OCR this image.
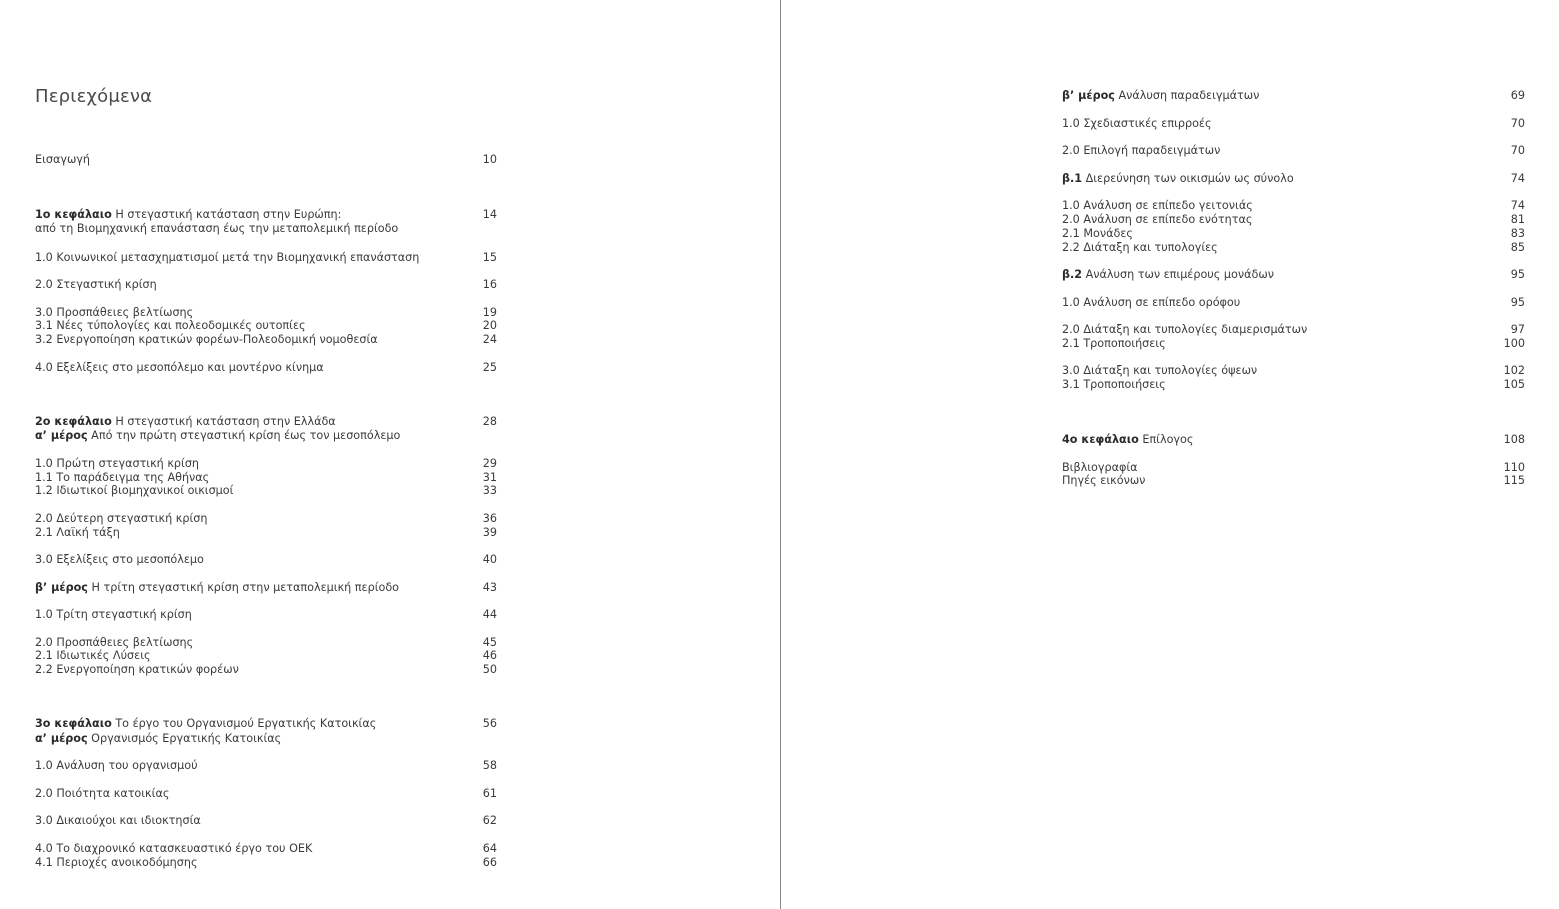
Περιεχόμενα
Εισαγωγή	10
1ο κεφάλαιο Η στεγαστική κατάσταση στην Ευρώπη:	14
από τη Βιομηχανική επανάσταση έως την μεταπολεμική περίοδο
1.0 Κοινωνικοί μετασχηματισμοί μετά την Βιομηχανική επανάσταση	15
2.0 Στεγαστική κρίση	16
3.0 Προσπάθειες βελτίωσης	19
3.1 Νέες τύπολογίες και πολεοδομικές ουτοπίες	20
3.2 Ενεργοποίηση κρατικών φορέων-Πολεοδομική νομοθεσία	24
4.0 Εξελίξεις στο μεσοπόλεμο και μοντέρνο κίνημα	25
2ο κεφάλαιο Η στεγαστική κατάσταση στην Ελλάδα	28
α’ μέρος Από την πρώτη στεγαστική κρίση έως τον μεσοπόλεμο
1.0 Πρώτη στεγαστική κρίση	29
1.1 Το παράδειγμα της Αθήνας	31
1.2 Ιδιωτικοί βιομηχανικοί οικισμοί	33
2.0 Δεύτερη στεγαστική κρίση	36
2.1 Λαϊκή τάξη	39
3.0 Εξελίξεις στο μεσοπόλεμο	40
β’ μέρος Η τρίτη στεγαστική κρίση στην μεταπολεμική περίοδο	43
1.0 Τρίτη στεγαστική κρίση	44
2.0 Προσπάθειες βελτίωσης	45
2.1 Ιδιωτικές Λύσεις	46
2.2 Ενεργοποίηση κρατικών φορέων	50
3ο κεφάλαιο Το έργο του Οργανισμού Εργατικής Κατοικίας	56
α’ μέρος Οργανισμός Εργατικής Κατοικίας
1.0 Ανάλυση του οργανισμού	58
2.0 Ποιότητα κατοικίας	61
3.0 Δικαιούχοι και ιδιοκτησία	62
4.0 Το διαχρονικό κατασκευαστικό έργο του ΟΕΚ	64
4.1 Περιοχές ανοικοδόμησης	66
β’ μέρος Ανάλυση παραδειγμάτων	69
1.0 Σχεδιαστικές επιρροές	70
2.0 Επιλογή παραδειγμάτων	70
β.1 Διερεύνηση των οικισμών ως σύνολο	74
1.0 Ανάλυση σε επίπεδο γειτονιάς	74
2.0 Ανάλυση σε επίπεδο ενότητας	81
2.1 Μονάδες	83
2.2 Διάταξη και τυπολογίες	85
β.2 Ανάλυση των επιμέρους μονάδων	95
1.0 Ανάλυση σε επίπεδο ορόφου	95
2.0 Διάταξη και τυπολογίες διαμερισμάτων	97
2.1 Τροποποιήσεις	100
3.0 Διάταξη και τυπολογίες όψεων	102
3.1 Τροποποιήσεις	105
4ο κεφάλαιο Επίλογος	108
Βιβλιογραφία	110
Πηγές εικόνων	115
